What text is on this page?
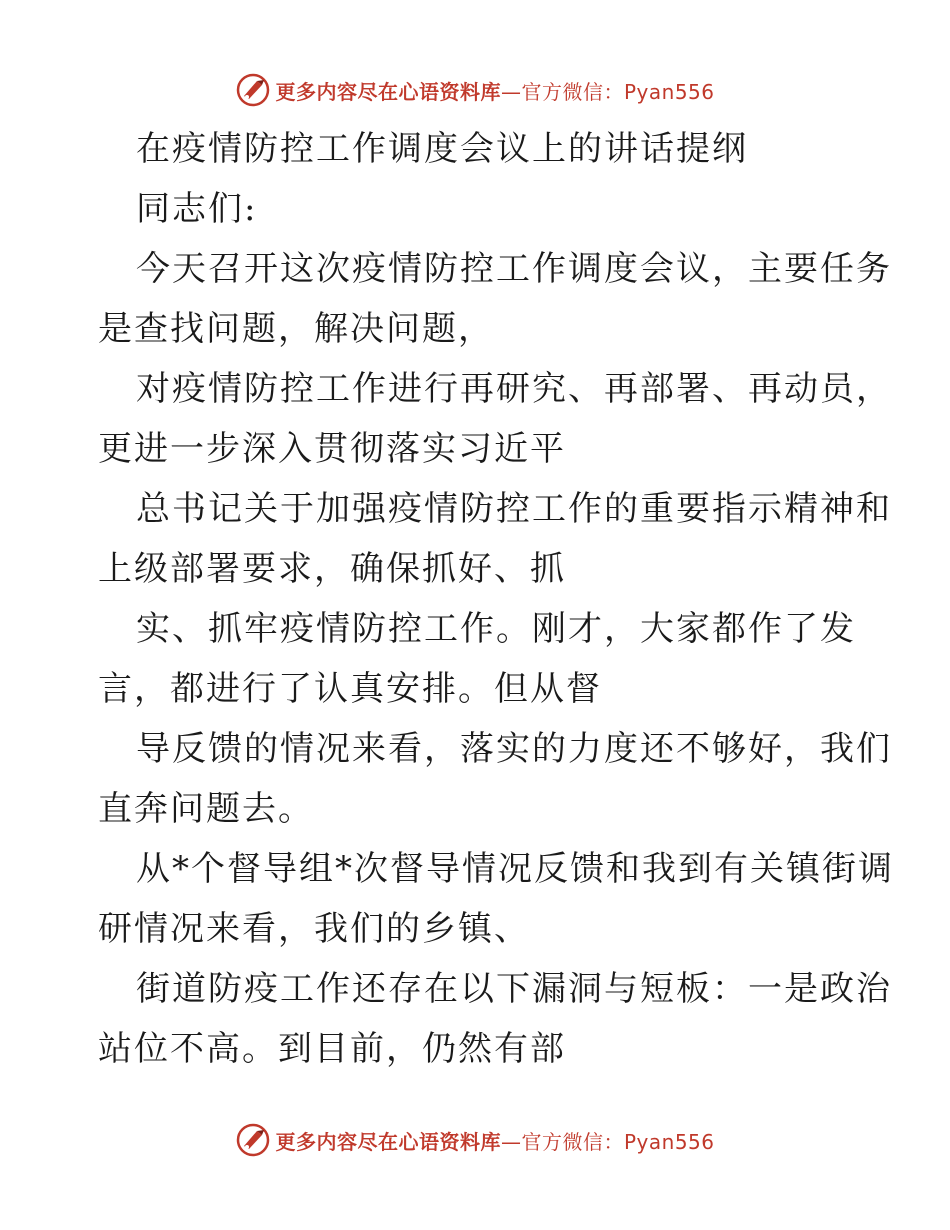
更多内容尽在心语资料库—官方微信：Pyan556
在疫情防控工作调度会议上的讲话提纲
同志们:
今天召开这次疫情防控工作调度会议，主要任务
是查找问题，解决问题，
对疫情防控工作进行再研究、再部署、再动员，
更进一步深入贯彻落实习近平
总书记关于加强疫情防控工作的重要指示精神和
上级部署要求，确保抓好、抓
实、抓牢疫情防控工作。刚才，大家都作了发
言，都进行了认真安排。但从督
导反馈的情况来看，落实的力度还不够好，我们
直奔问题去。
从*个督导组*次督导情况反馈和我到有关镇街调
研情况来看，我们的乡镇、
街道防疫工作还存在以下漏洞与短板：一是政治
站位不高。到目前，仍然有部
更多内容尽在心语资料库—官方微信：Pyan556
